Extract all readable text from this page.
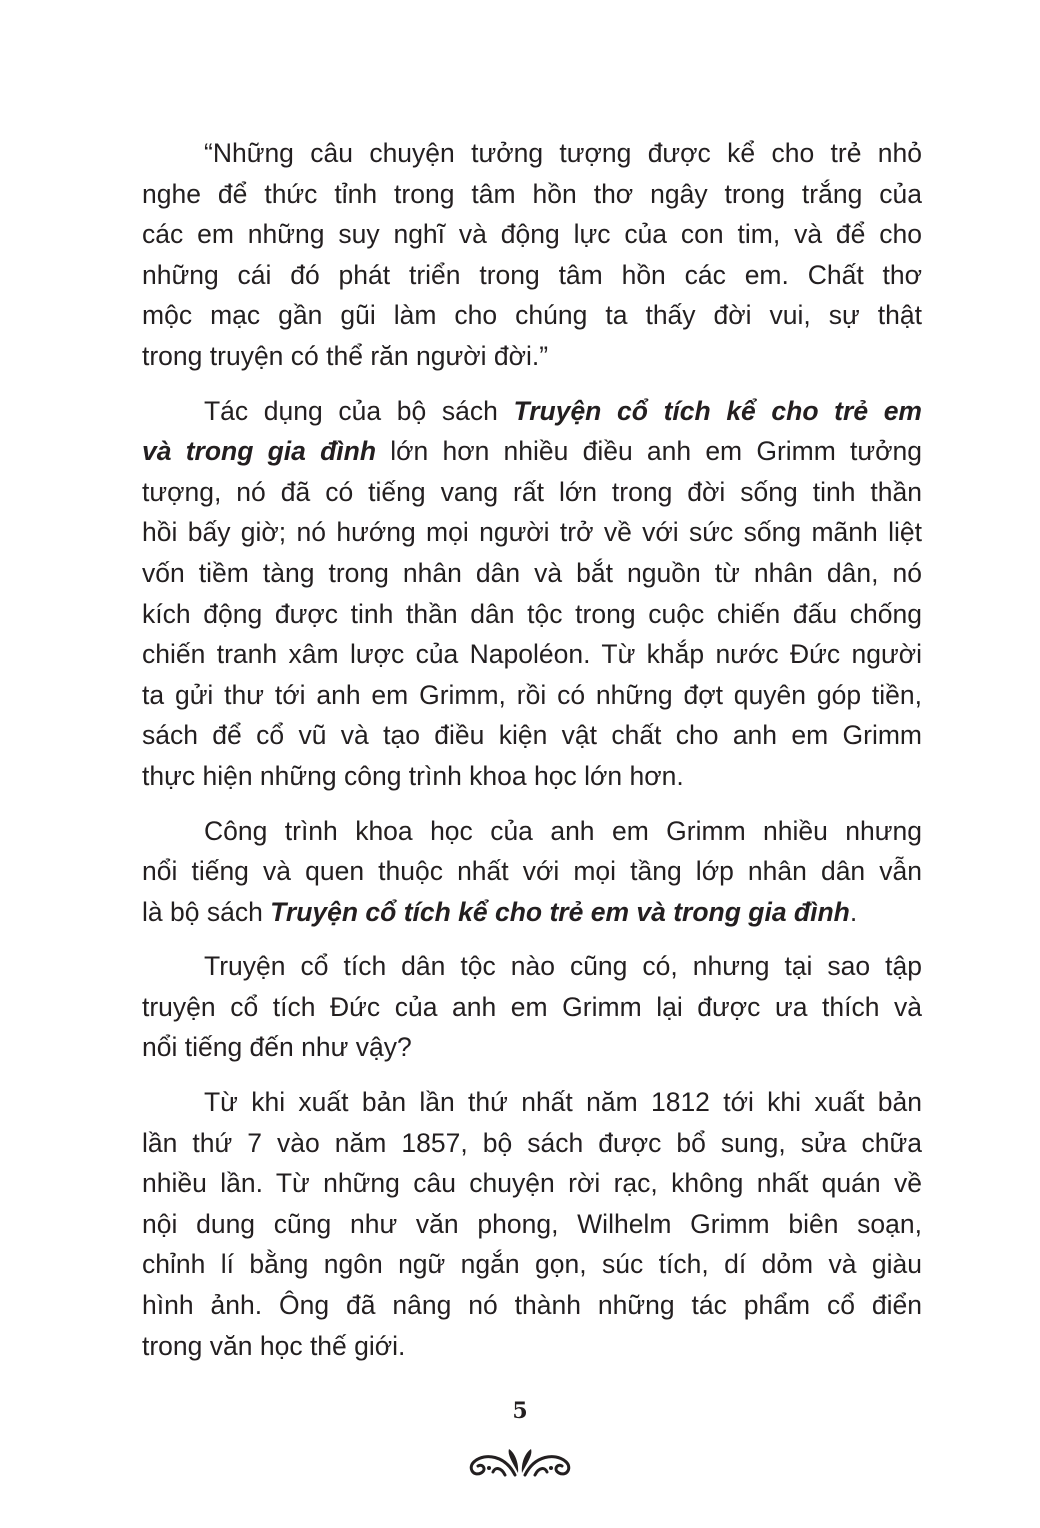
“Những câu chuyện tưởng tượng được kể cho trẻ nhỏ
nghe để thức tỉnh trong tâm hồn thơ ngây trong trắng của
các em những suy nghĩ và động lực của con tim, và để cho
những cái đó phát triển trong tâm hồn các em. Chất thơ
mộc mạc gần gũi làm cho chúng ta thấy đời vui, sự thật
trong truyện có thể răn người đời.”
Tác dụng của bộ sách Truyện cổ tích kể cho trẻ em
và trong gia đình lớn hơn nhiều điều anh em Grimm tưởng
tượng, nó đã có tiếng vang rất lớn trong đời sống tinh thần
hồi bấy giờ; nó hướng mọi người trở về với sức sống mãnh liệt
vốn tiềm tàng trong nhân dân và bắt nguồn từ nhân dân, nó
kích động được tinh thần dân tộc trong cuộc chiến đấu chống
chiến tranh xâm lược của Napoléon. Từ khắp nước Đức người
ta gửi thư tới anh em Grimm, rồi có những đợt quyên góp tiền,
sách để cổ vũ và tạo điều kiện vật chất cho anh em Grimm
thực hiện những công trình khoa học lớn hơn.
Công trình khoa học của anh em Grimm nhiều nhưng
nổi tiếng và quen thuộc nhất với mọi tầng lớp nhân dân vẫn
là bộ sách Truyện cổ tích kể cho trẻ em và trong gia đình.
Truyện cổ tích dân tộc nào cũng có, nhưng tại sao tập
truyện cổ tích Đức của anh em Grimm lại được ưa thích và
nổi tiếng đến như vậy?
Từ khi xuất bản lần thứ nhất năm 1812 tới khi xuất bản
lần thứ 7 vào năm 1857, bộ sách được bổ sung, sửa chữa
nhiều lần. Từ những câu chuyện rời rạc, không nhất quán về
nội dung cũng như văn phong, Wilhelm Grimm biên soạn,
chỉnh lí bằng ngôn ngữ ngắn gọn, súc tích, dí dỏm và giàu
hình ảnh. Ông đã nâng nó thành những tác phẩm cổ điển
trong văn học thế giới.
5
